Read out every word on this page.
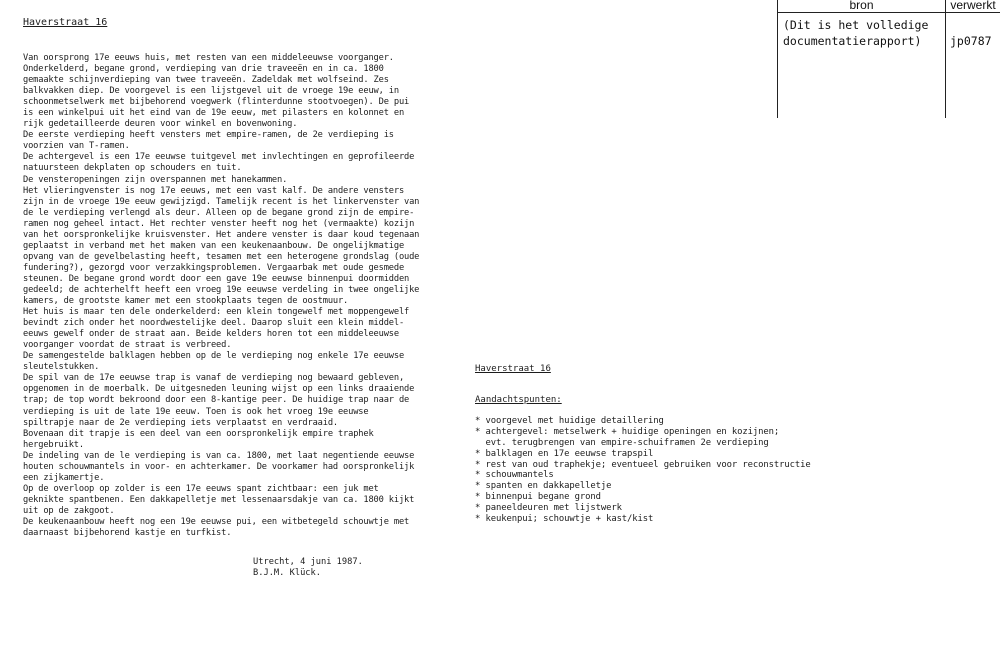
bron	verwerkt
(Dit is het volledige
documentatierapport)	jp0787
Haverstraat 16
Van oorsprong 17e eeuws huis, met resten van een middeleeuwse voorganger.
Onderkelderd, begane grond, verdieping van drie traveeën en in ca. 1800
gemaakte schijnverdieping van twee traveeën. Zadeldak met wolfseind. Zes
balkvakken diep. De voorgevel is een lijstgevel uit de vroege 19e eeuw, in
schoonmetselwerk met bijbehorend voegwerk (flinterdunne stootvoegen). De pui
is een winkelpui uit het eind van de 19e eeuw, met pilasters en kolonnet en
rijk gedetailleerde deuren voor winkel en bovenwoning.
De eerste verdieping heeft vensters met empire-ramen, de 2e verdieping is
voorzien van T-ramen.
De achtergevel is een 17e eeuwse tuitgevel met invlechtingen en geprofileerde
natuursteen dekplaten op schouders en tuit.
De vensteropeningen zijn overspannen met hanekammen.
Het vlieringvenster is nog 17e eeuws, met een vast kalf. De andere vensters
zijn in de vroege 19e eeuw gewijzigd. Tamelijk recent is het linkervenster van
de le verdieping verlengd als deur. Alleen op de begane grond zijn de empire-
ramen nog geheel intact. Het rechter venster heeft nog het (vermaakte) kozijn
van het oorspronkelijke kruisvenster. Het andere venster is daar koud tegenaan
geplaatst in verband met het maken van een keukenaanbouw. De ongelijkmatige
opvang van de gevelbelasting heeft, tesamen met een heterogene grondslag (oude
fundering?), gezorgd voor verzakkingsproblemen. Vergaarbak met oude gesmede
steunen. De begane grond wordt door een gave 19e eeuwse binnenpui doormidden
gedeeld; de achterhelft heeft een vroeg 19e eeuwse verdeling in twee ongelijke
kamers, de grootste kamer met een stookplaats tegen de oostmuur.
Het huis is maar ten dele onderkelderd: een klein tongewelf met moppengewelf
bevindt zich onder het noordwestelijke deel. Daarop sluit een klein middel-
eeuws gewelf onder de straat aan. Beide kelders horen tot een middeleeuwse
voorganger voordat de straat is verbreed.
De samengestelde balklagen hebben op de le verdieping nog enkele 17e eeuwse
sleutelstukken.
De spil van de 17e eeuwse trap is vanaf de verdieping nog bewaard gebleven,
opgenomen in de moerbalk. De uitgesneden leuning wijst op een links draaiende
trap; de top wordt bekroond door een 8-kantige peer. De huidige trap naar de
verdieping is uit de late 19e eeuw. Toen is ook het vroeg 19e eeuwse
spiltrapje naar de 2e verdieping iets verplaatst en verdraaid.
Bovenaan dit trapje is een deel van een oorspronkelijk empire traphek
hergebruikt.
De indeling van de le verdieping is van ca. 1800, met laat negentiende eeuwse
houten schouwmantels in voor- en achterkamer. De voorkamer had oorspronkelijk
een zijkamertje.
Op de overloop op zolder is een 17e eeuws spant zichtbaar: een juk met
geknikte spantbenen. Een dakkapelletje met lessenaarsdakje van ca. 1800 kijkt
uit op de zakgoot.
De keukenaanbouw heeft nog een 19e eeuwse pui, een witbetegeld schouwtje met
daarnaast bijbehorend kastje en turfkist.
Utrecht, 4 juni 1987.
B.J.M. Klück.
Haverstraat 16
Aandachtspunten:
* voorgevel met huidige detaillering
* achtergevel: metselwerk + huidige openingen en kozijnen;
evt. terugbrengen van empire-schuiframen 2e verdieping
* balklagen en 17e eeuwse trapspil
* rest van oud traphekje; eventueel gebruiken voor reconstructie
* schouwmantels
* spanten en dakkapelletje
* binnenpui begane grond
* paneeldeuren met lijstwerk
* keukenpui; schouwtje + kast/kist
